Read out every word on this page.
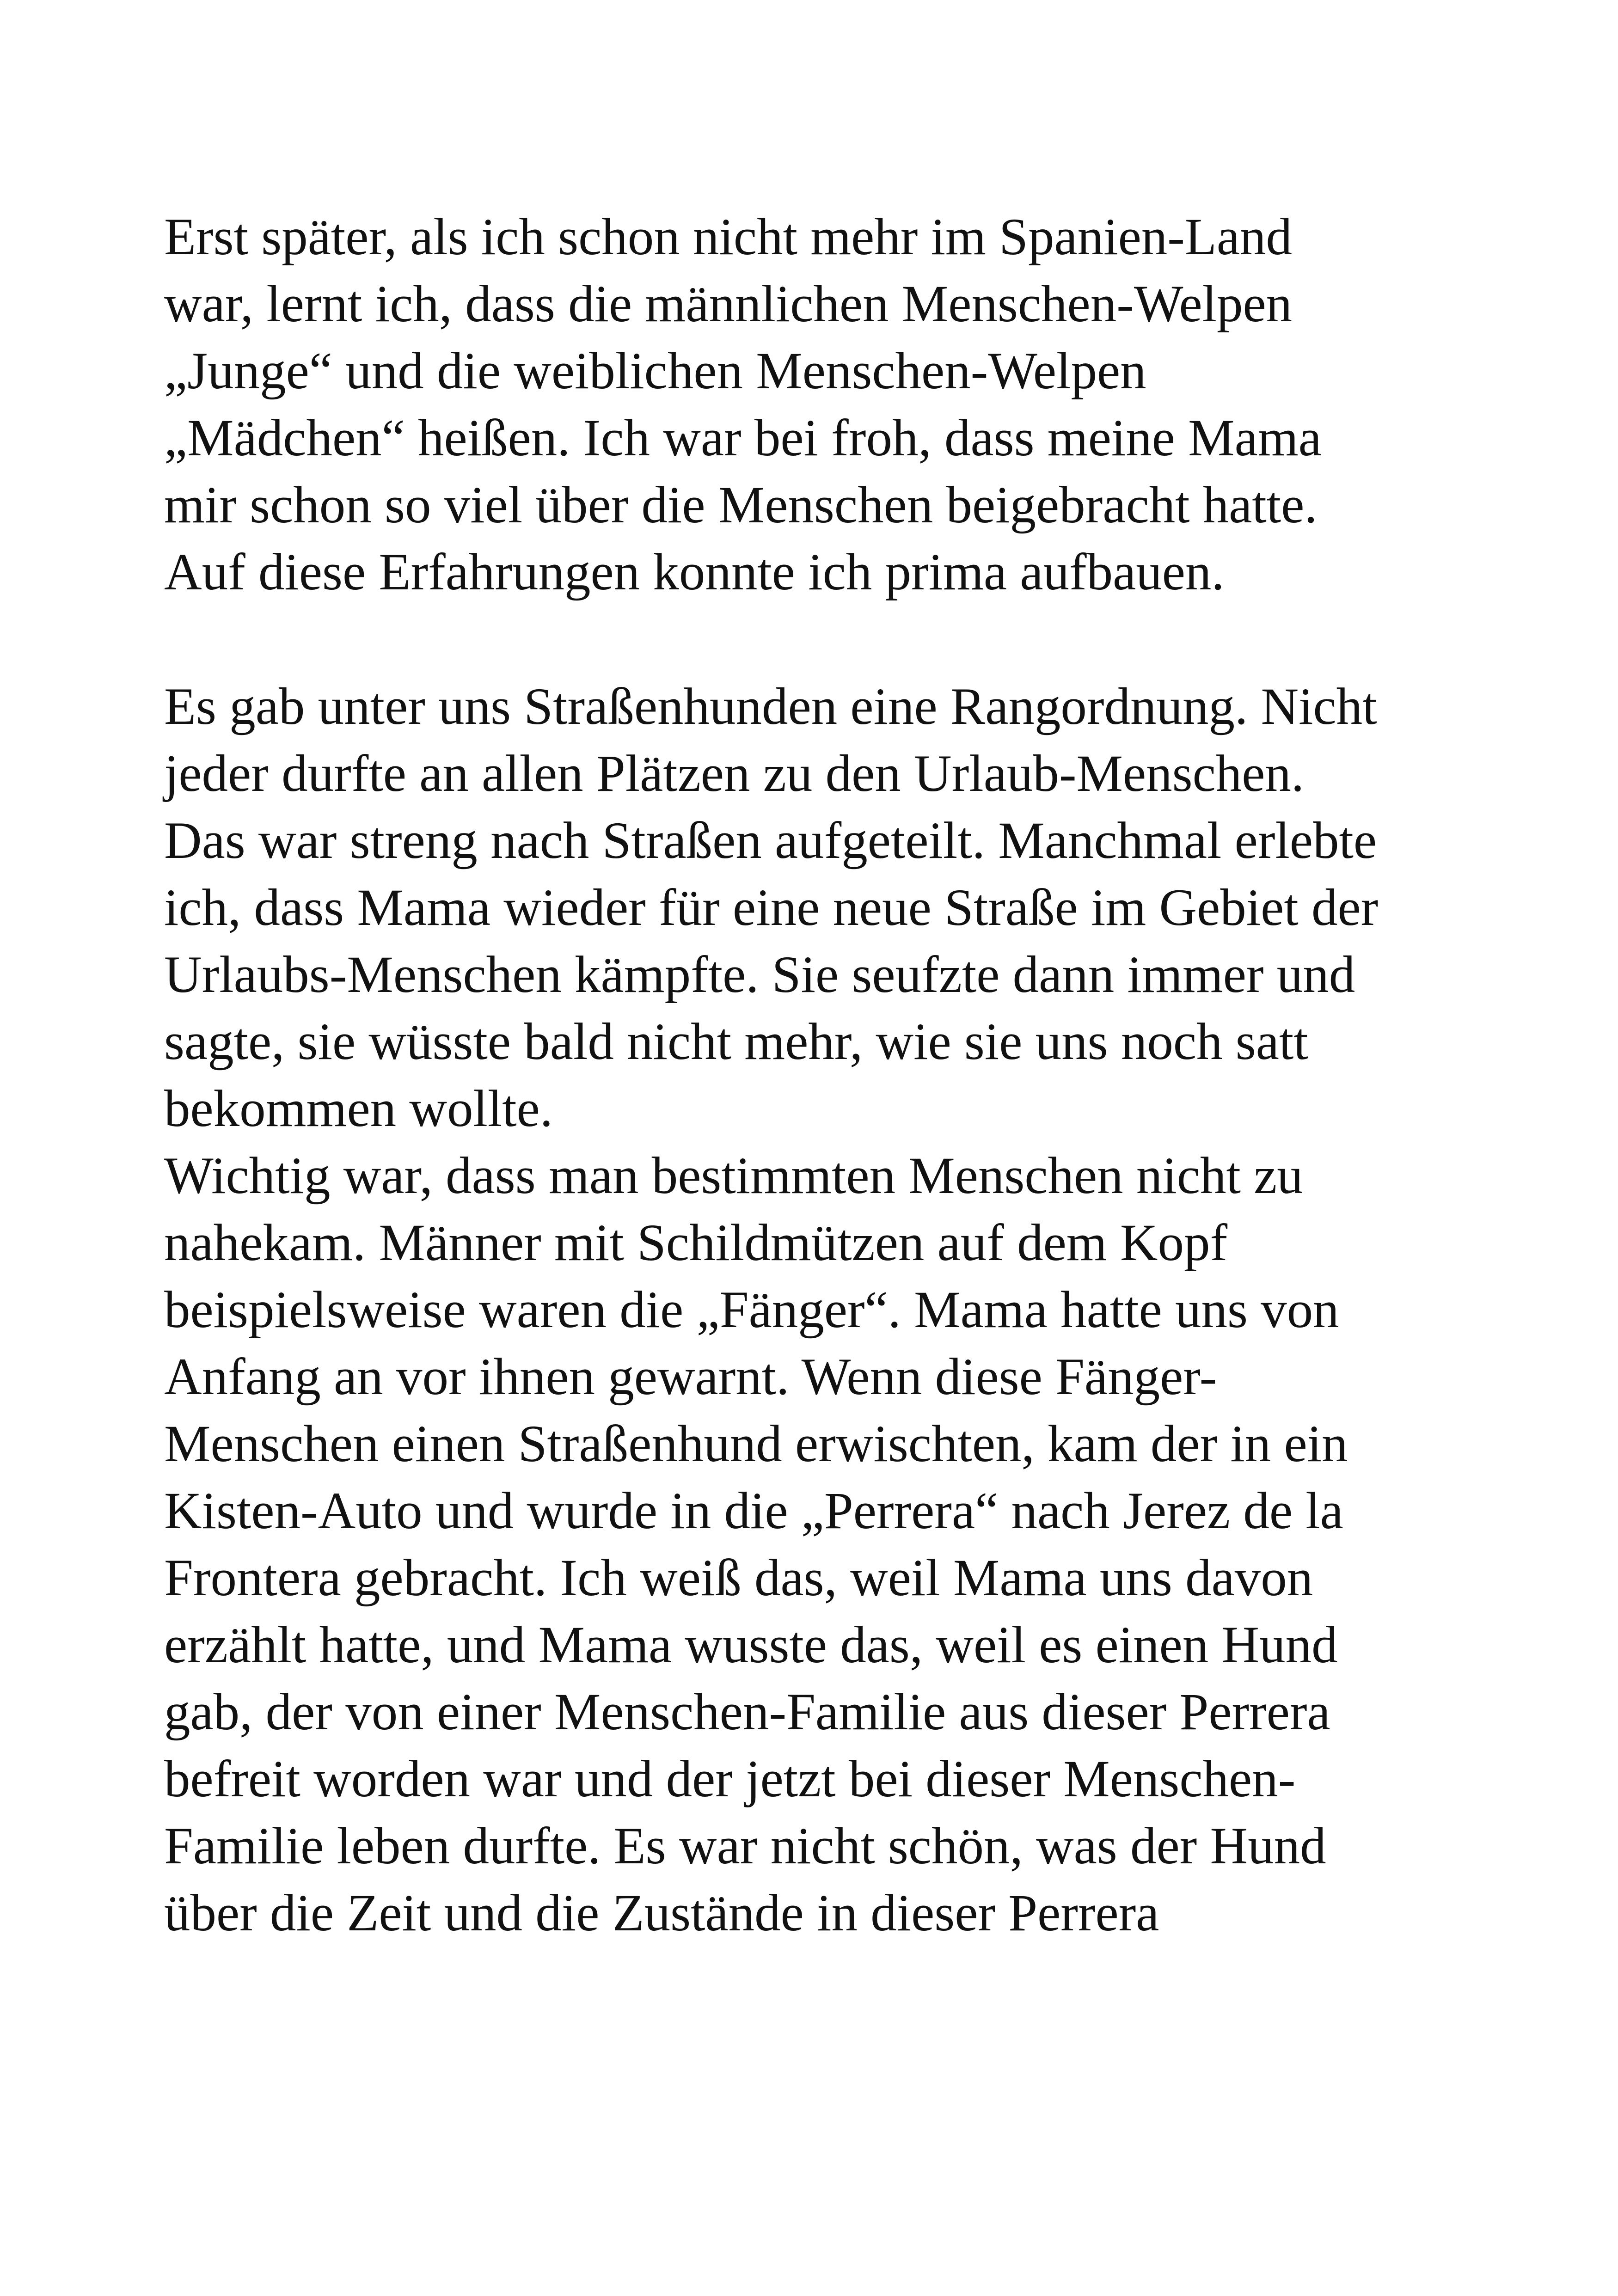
Erst später, als ich schon nicht mehr im Spanien-Land
war, lernt ich, dass die männlichen Menschen-Welpen
„Junge“ und die weiblichen Menschen-Welpen
„Mädchen“ heißen. Ich war bei froh, dass meine Mama
mir schon so viel über die Menschen beigebracht hatte.
Auf diese Erfahrungen konnte ich prima aufbauen.
Es gab unter uns Straßenhunden eine Rangordnung. Nicht
jeder durfte an allen Plätzen zu den Urlaub-Menschen.
Das war streng nach Straßen aufgeteilt. Manchmal erlebte
ich, dass Mama wieder für eine neue Straße im Gebiet der
Urlaubs-Menschen kämpfte. Sie seufzte dann immer und
sagte, sie wüsste bald nicht mehr, wie sie uns noch satt
bekommen wollte.
Wichtig war, dass man bestimmten Menschen nicht zu
nahekam. Männer mit Schildmützen auf dem Kopf
beispielsweise waren die „Fänger“. Mama hatte uns von
Anfang an vor ihnen gewarnt. Wenn diese Fänger-
Menschen einen Straßenhund erwischten, kam der in ein
Kisten-Auto und wurde in die „Perrera“ nach Jerez de la
Frontera gebracht. Ich weiß das, weil Mama uns davon
erzählt hatte, und Mama wusste das, weil es einen Hund
gab, der von einer Menschen-Familie aus dieser Perrera
befreit worden war und der jetzt bei dieser Menschen-
Familie leben durfte. Es war nicht schön, was der Hund
über die Zeit und die Zustände in dieser Perrera
